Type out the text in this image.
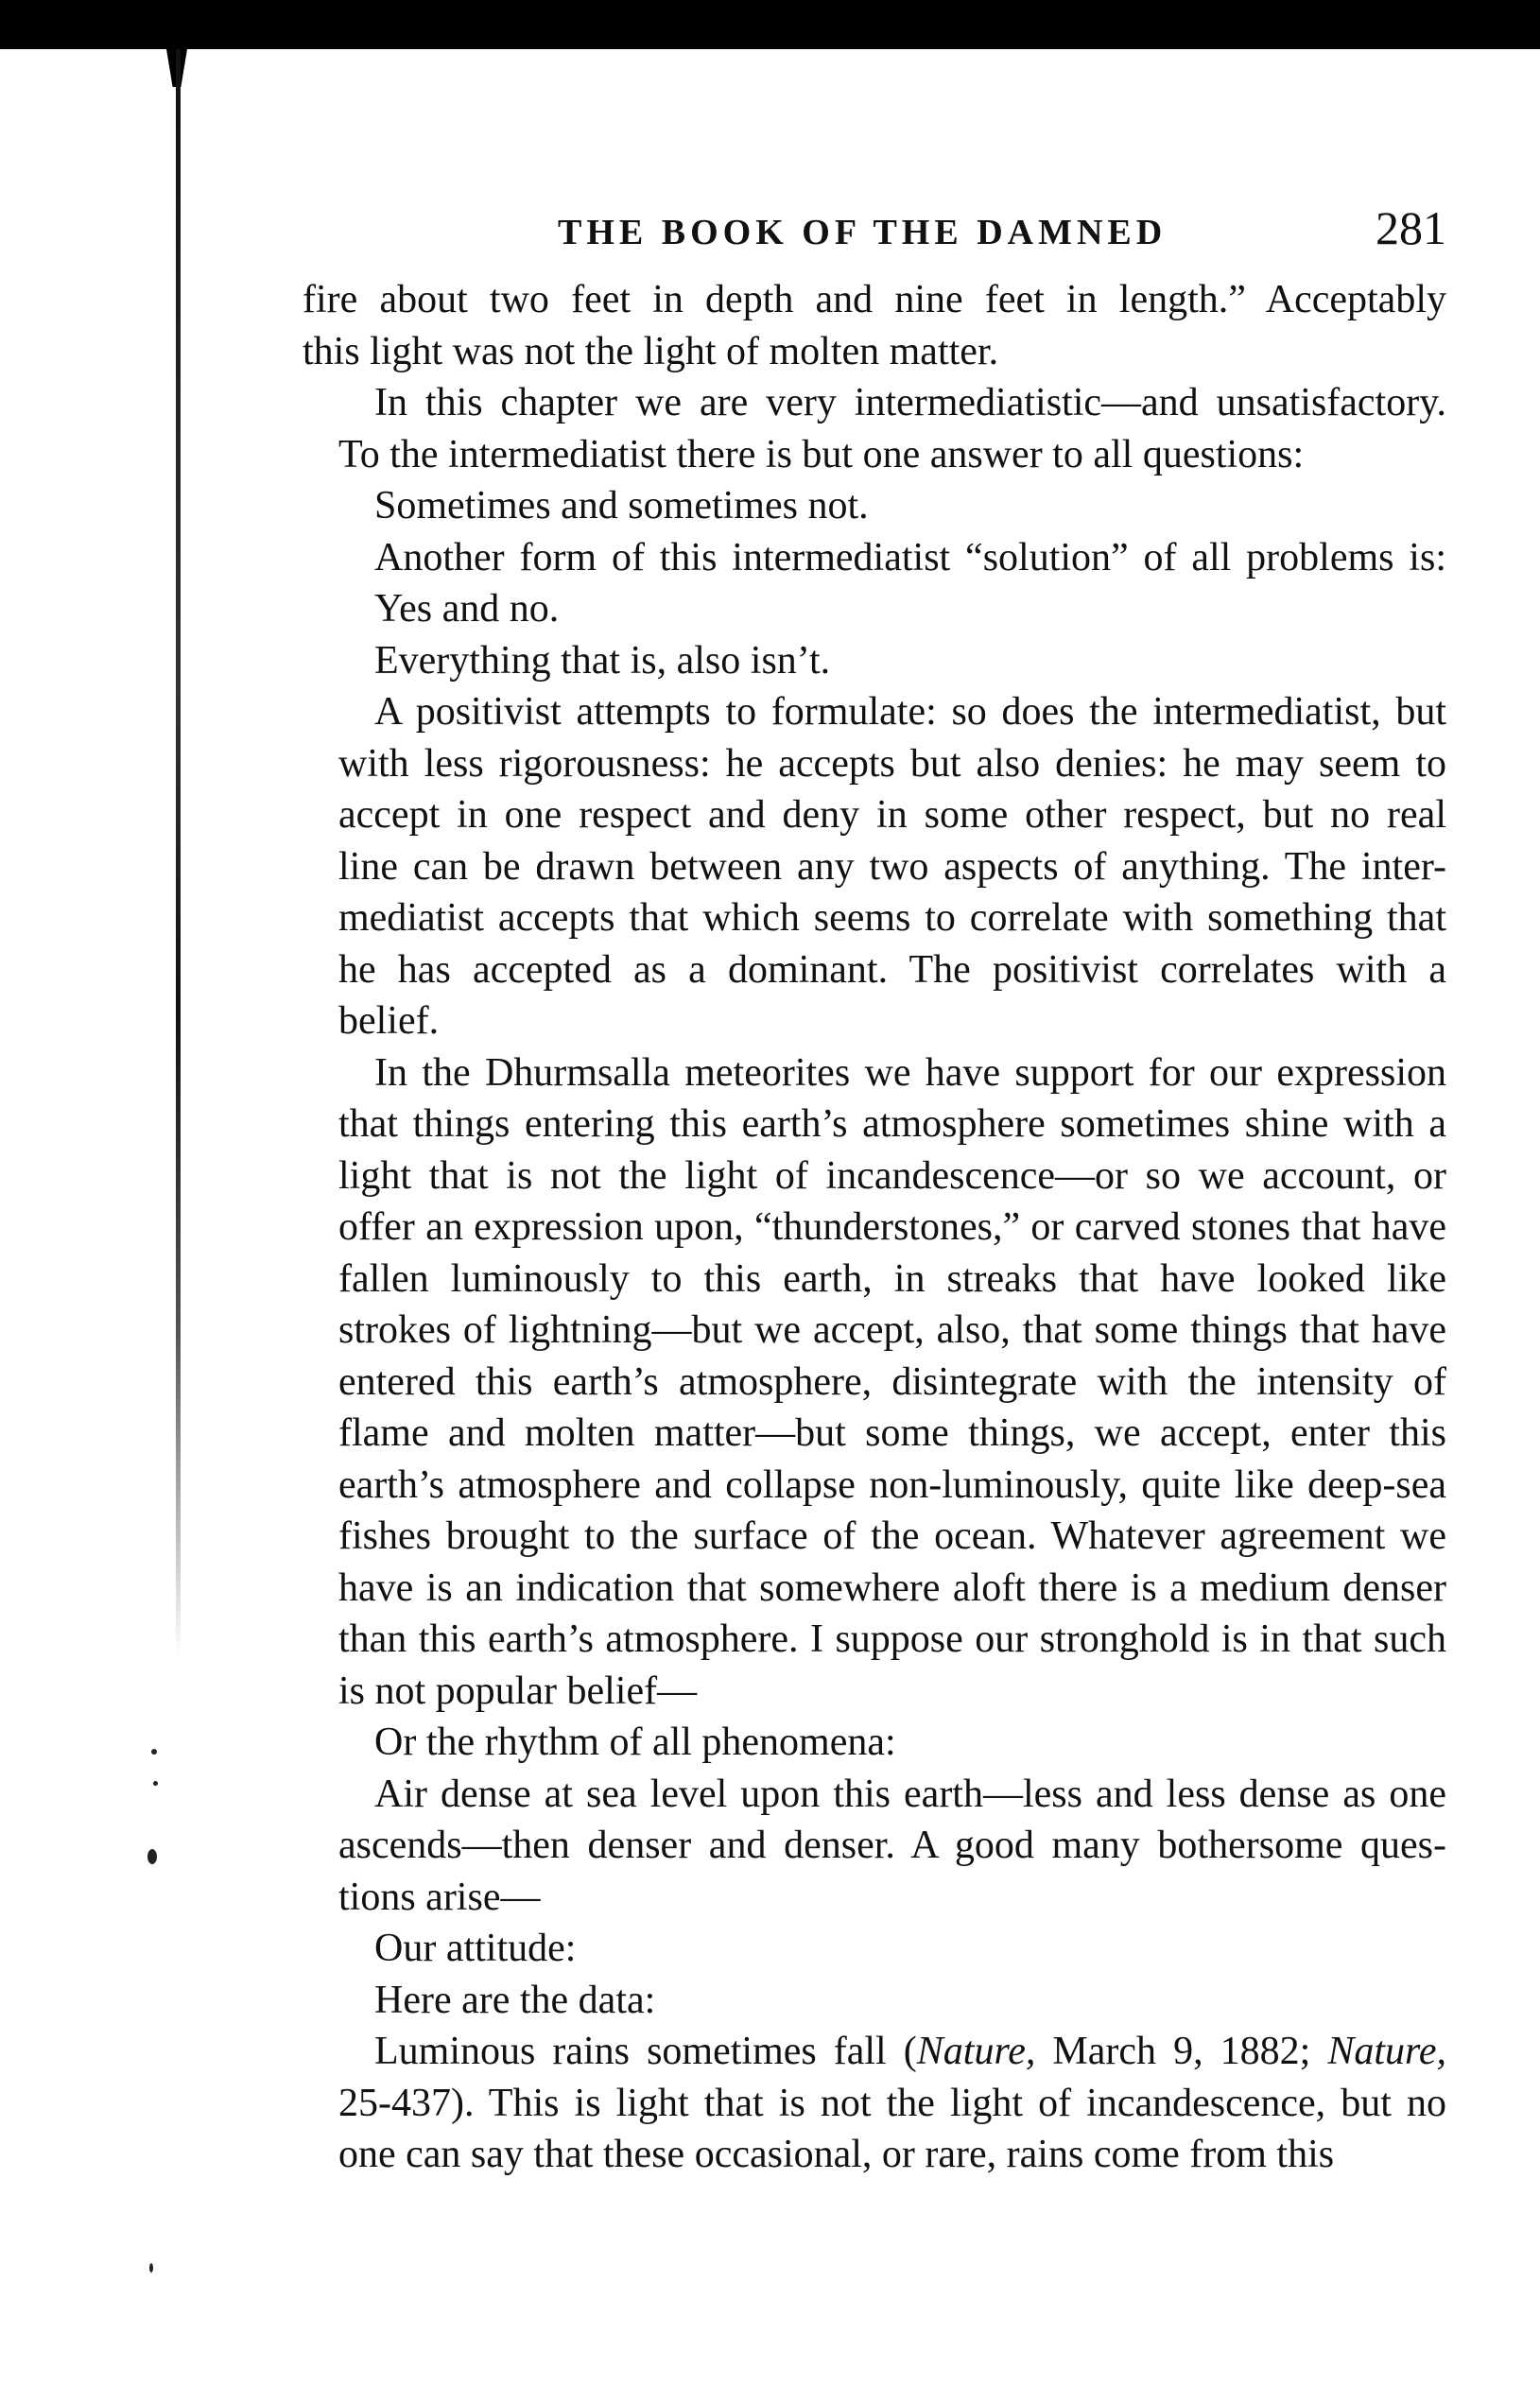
THE BOOK OF THE DAMNED	281

fire about two feet in depth and nine feet in length.” Acceptably
this light was not the light of molten matter.

In this chapter we are very intermediatistic—and unsatisfactory.
To the intermediatist there is but one answer to all questions:

Sometimes and sometimes not.

Another form of this intermediatist “solution” of all problems is:

Yes and no.

Everything that is, also isn’t.

A positivist attempts to formulate: so does the intermediatist, but
with less rigorousness: he accepts but also denies: he may seem to
accept in one respect and deny in some other respect, but no real
line can be drawn between any two aspects of anything. The inter-
mediatist accepts that which seems to correlate with something that
he has accepted as a dominant. The positivist correlates with a
belief.

In the Dhurmsalla meteorites we have support for our expression
that things entering this earth’s atmosphere sometimes shine with a
light that is not the light of incandescence—or so we account, or
offer an expression upon, “thunderstones,” or carved stones that have
fallen luminously to this earth, in streaks that have looked like
strokes of lightning—but we accept, also, that some things that have
entered this earth’s atmosphere, disintegrate with the intensity of
flame and molten matter—but some things, we accept, enter this
earth’s atmosphere and collapse non-luminously, quite like deep-sea
fishes brought to the surface of the ocean. Whatever agreement we
have is an indication that somewhere aloft there is a medium denser
than this earth’s atmosphere. I suppose our stronghold is in that such
is not popular belief—

Or the rhythm of all phenomena:

Air dense at sea level upon this earth—less and less dense as one
ascends—then denser and denser. A good many bothersome ques-
tions arise—

Our attitude:

Here are the data:

Luminous rains sometimes fall (Nature, March 9, 1882; Nature,
25-437). This is light that is not the light of incandescence, but no
one can say that these occasional, or rare, rains come from this
